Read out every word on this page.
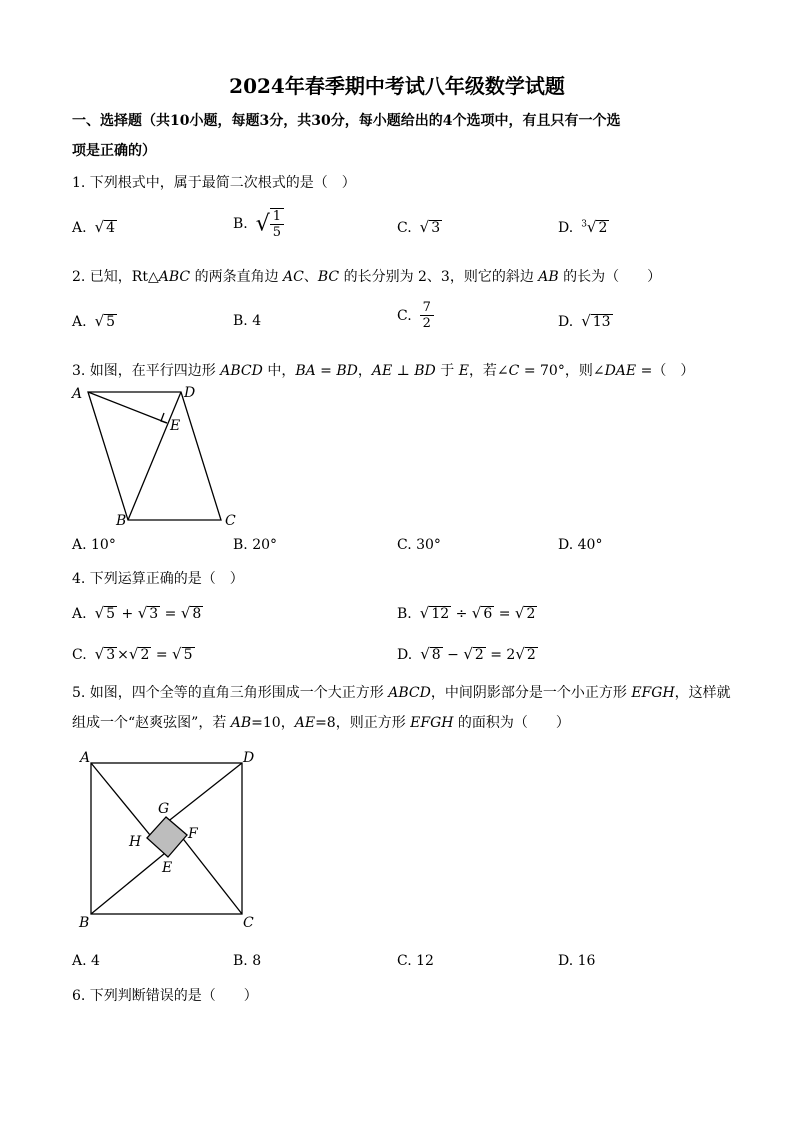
2024年春季期中考试八年级数学试题
一、选择题（共10小题，每题3分，共30分，每小题给出的4个选项中，有且只有一个选
项是正确的）
1. 下列根式中，属于最简二次根式的是（　）
A. √ 4	B. √ $\frac{1}{5}$	C. √ 3	D. $^3$√ 2
2. 已知，Rt△ABC 的两条直角边 AC、BC 的长分别为 2、3，则它的斜边 AB 的长为（　　）
A. √ 5	B. 4	C. $\frac{7}{2}$	D. √ 13
3. 如图，在平行四边形 ABCD 中，BA = BD，AE ⊥ BD 于 E，若∠C = 70°，则∠DAE =（　）
A	D
E
B	C
A. 10°	B. 20°	C. 30°	D. 40°
4. 下列运算正确的是（　）
A. √ 5 + √ 3 = √ 8	B. √ 12 ÷ √ 6 = √ 2
C. √ 3 ×√ 2 = √ 5	D. √ 8 − √ 2 = 2√ 2
5. 如图，四个全等的直角三角形围成一个大正方形 ABCD，中间阴影部分是一个小正方形 EFGH，这样就
组成一个“赵爽弦图”，若 AB=10，AE=8，则正方形 EFGH 的面积为（　　）
A	D
B	C
G
F
H
E
A. 4	B. 8	C. 12	D. 16
6. 下列判断错误的是（　　）
